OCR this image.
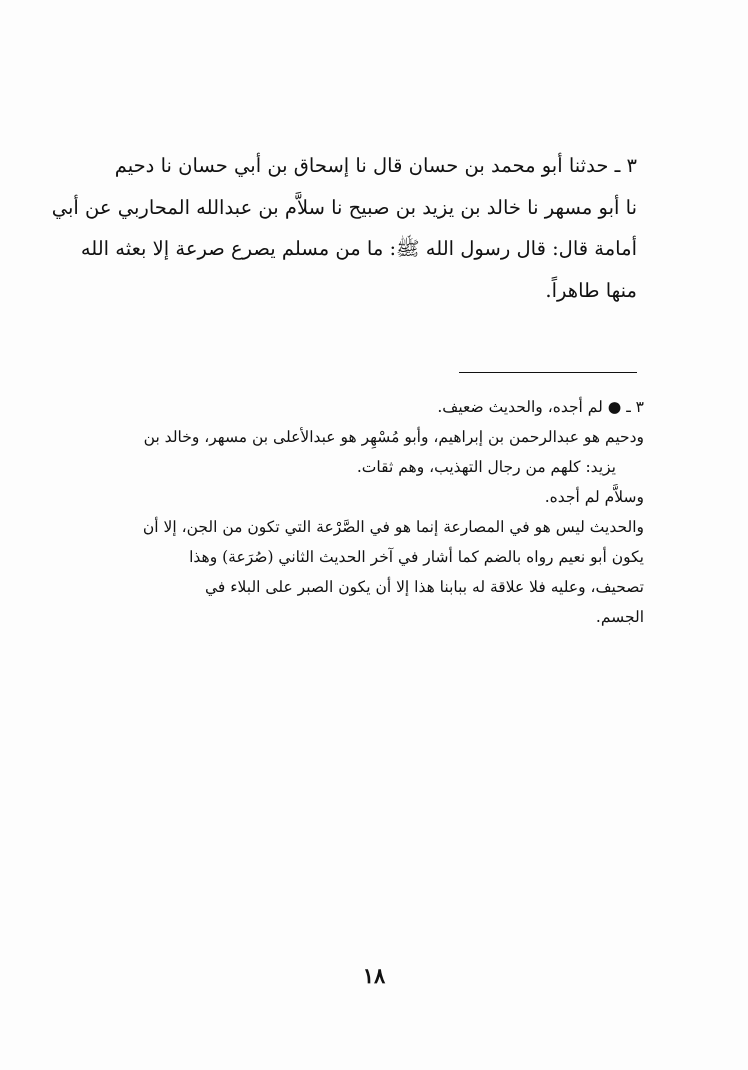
٣ ـ حدثنا أبو محمد بن حسان قال نا إسحاق بن أبي حسان نا دحيم
نا أبو مسهر نا خالد بن يزيد بن صبيح نا سلاَّم بن عبدالله المحاربي عن أبي
أمامة قال: قال رسول الله ﷺ: ما من مسلم يصرع صرعة إلا بعثه الله
منها طاهراً.
٣ ـ ● لم أجده، والحديث ضعيف.
ودحيم هو عبدالرحمن بن إبراهيم، وأبو مُسْهِر هو عبدالأعلى بن مسهر، وخالد بن
يزيد: كلهم من رجال التهذيب، وهم ثقات.
وسلاَّم لم أجده.
والحديث ليس هو في المصارعة إنما هو في الصَّرْعة التي تكون من الجن، إلا أن
يكون أبو نعيم رواه بالضم كما أشار في آخر الحديث الثاني (صُرَعة) وهذا
تصحيف، وعليه فلا علاقة له ببابنا هذا إلا أن يكون الصبر على البلاء في
الجسم.
١٨
